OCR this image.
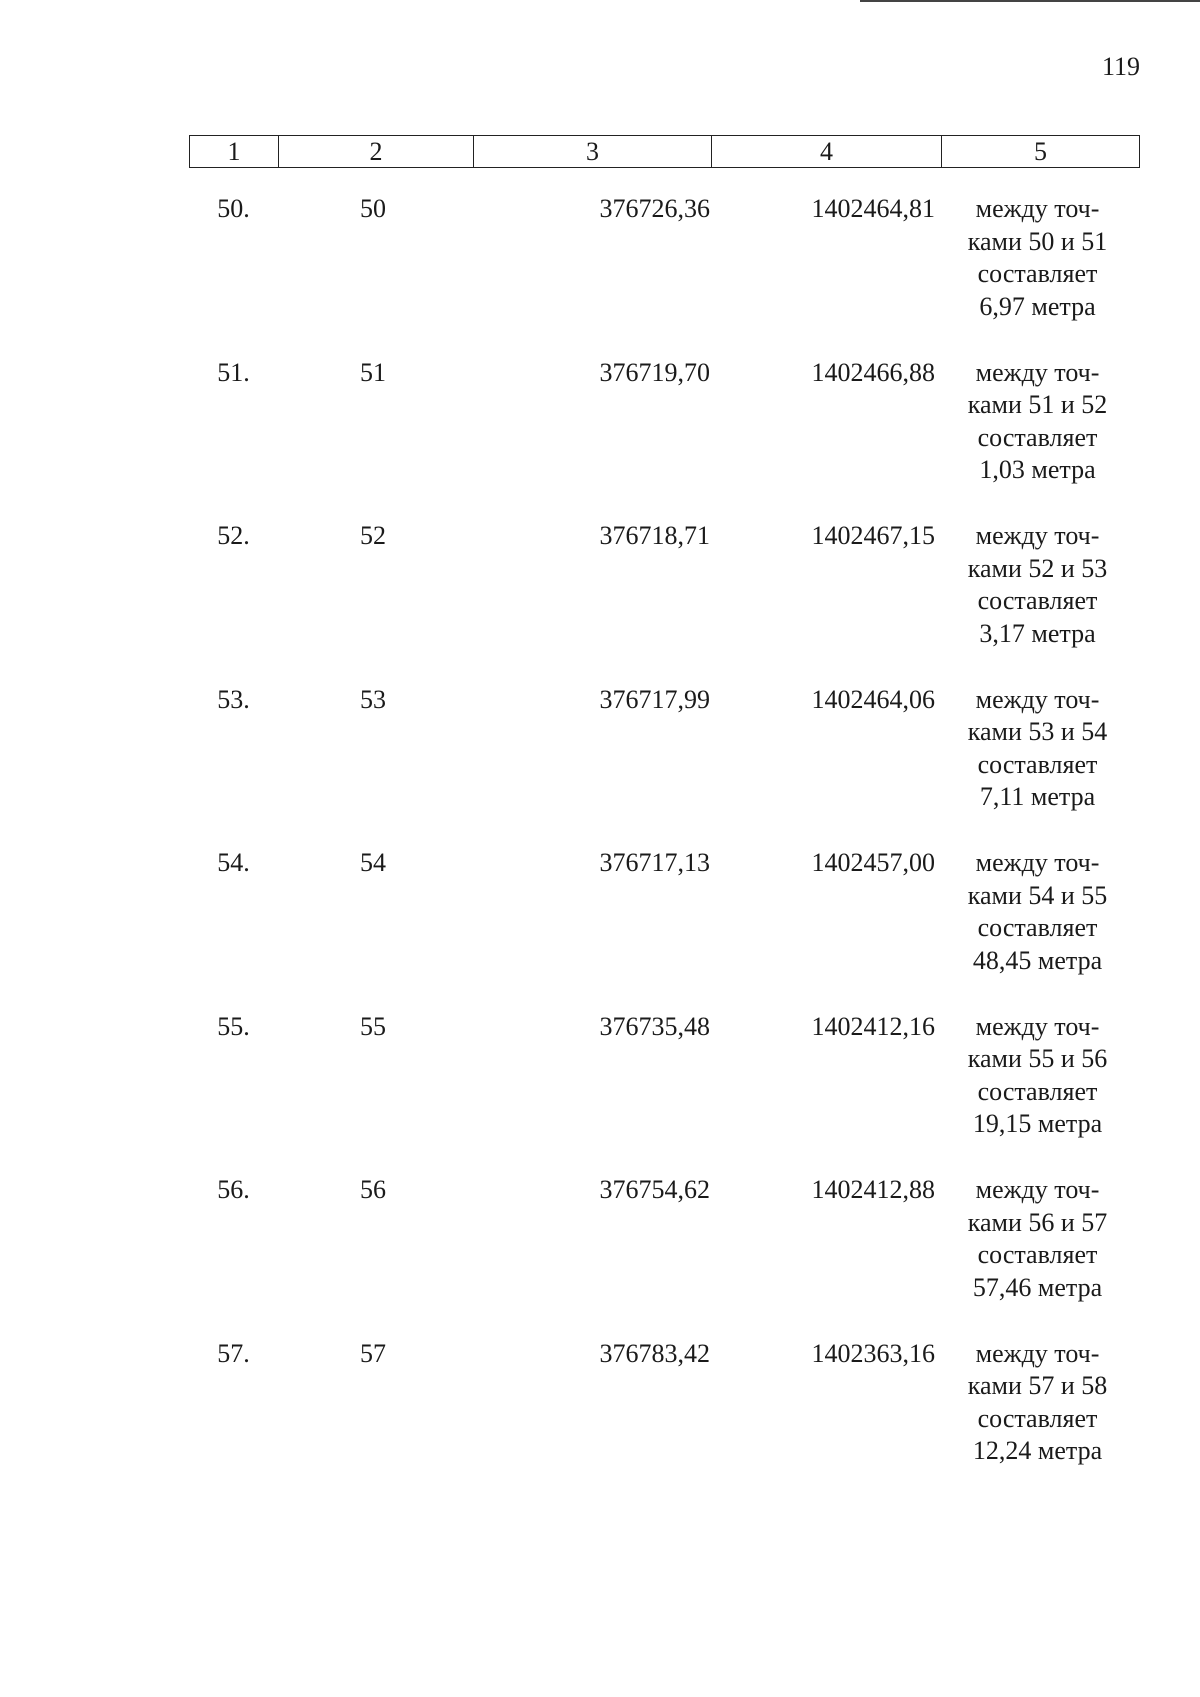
119
1	2	3	4	5
50.	50	376726,36	1402464,81	между точ-
ками 50 и 51
составляет
6,97 метра
51.	51	376719,70	1402466,88	между точ-
ками 51 и 52
составляет
1,03 метра
52.	52	376718,71	1402467,15	между точ-
ками 52 и 53
составляет
3,17 метра
53.	53	376717,99	1402464,06	между точ-
ками 53 и 54
составляет
7,11 метра
54.	54	376717,13	1402457,00	между точ-
ками 54 и 55
составляет
48,45 метра
55.	55	376735,48	1402412,16	между точ-
ками 55 и 56
составляет
19,15 метра
56.	56	376754,62	1402412,88	между точ-
ками 56 и 57
составляет
57,46 метра
57.	57	376783,42	1402363,16	между точ-
ками 57 и 58
составляет
12,24 метра
